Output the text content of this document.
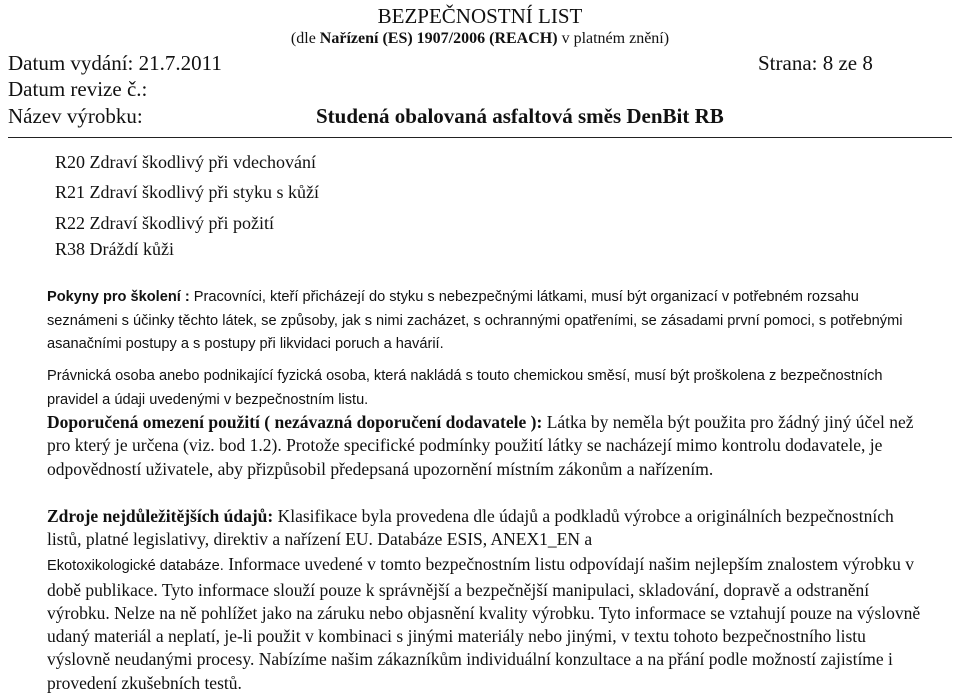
BEZPEČNOSTNÍ LIST
(dle Nařízení (ES) 1907/2006 (REACH) v platném znění)
Datum vydání: 21.7.2011	Strana: 8 ze 8
Datum revize č.:
Název výrobku:	Studená obalovaná asfaltová směs DenBit RB
R20 Zdraví škodlivý při vdechování
R21 Zdraví škodlivý při styku s kůží
R22 Zdraví škodlivý při požití
R38 Dráždí kůži
Pokyny pro školení : Pracovníci, kteří přicházejí do styku s nebezpečnými látkami, musí být organizací v potřebném rozsahu seznámeni s účinky těchto látek, se způsoby, jak s nimi zacházet, s ochrannými opatřeními, se zásadami první pomoci, s potřebnými asanačními postupy a s postupy při likvidaci poruch a havárií.
Právnická osoba anebo podnikající fyzická osoba, která nakládá s touto chemickou směsí, musí být proškolena z bezpečnostních pravidel a údaji uvedenými v bezpečnostním listu.
Doporučená omezení použití ( nezávazná doporučení dodavatele ): Látka by neměla být použita pro žádný jiný účel než pro který je určena (viz. bod 1.2). Protože specifické podmínky použití látky se nacházejí mimo kontrolu dodavatele, je odpovědností uživatele, aby přizpůsobil předepsaná upozornění místním zákonům a nařízením.
Zdroje nejdůležitějších údajů: Klasifikace byla provedena dle údajů a podkladů výrobce a originálních bezpečnostních listů, platné legislativy, direktiv a nařízení EU. Databáze ESIS, ANEX1_EN a
Ekotoxikologické databáze. Informace uvedené v tomto bezpečnostním listu odpovídají našim nejlepším znalostem výrobku v době publikace. Tyto informace slouží pouze k správnější a bezpečnější manipulaci, skladování, dopravě a odstranění výrobku. Nelze na ně pohlížet jako na záruku nebo objasnění kvality výrobku. Tyto informace se vztahují pouze na výslovně udaný materiál a neplatí, je-li použit v kombinaci s jinými materiály nebo jinými, v textu tohoto bezpečnostního listu výslovně neudanými procesy. Nabízíme našim zákazníkům individuální konzultace a na přání podle možností zajistíme i provedení zkušebních testů.
